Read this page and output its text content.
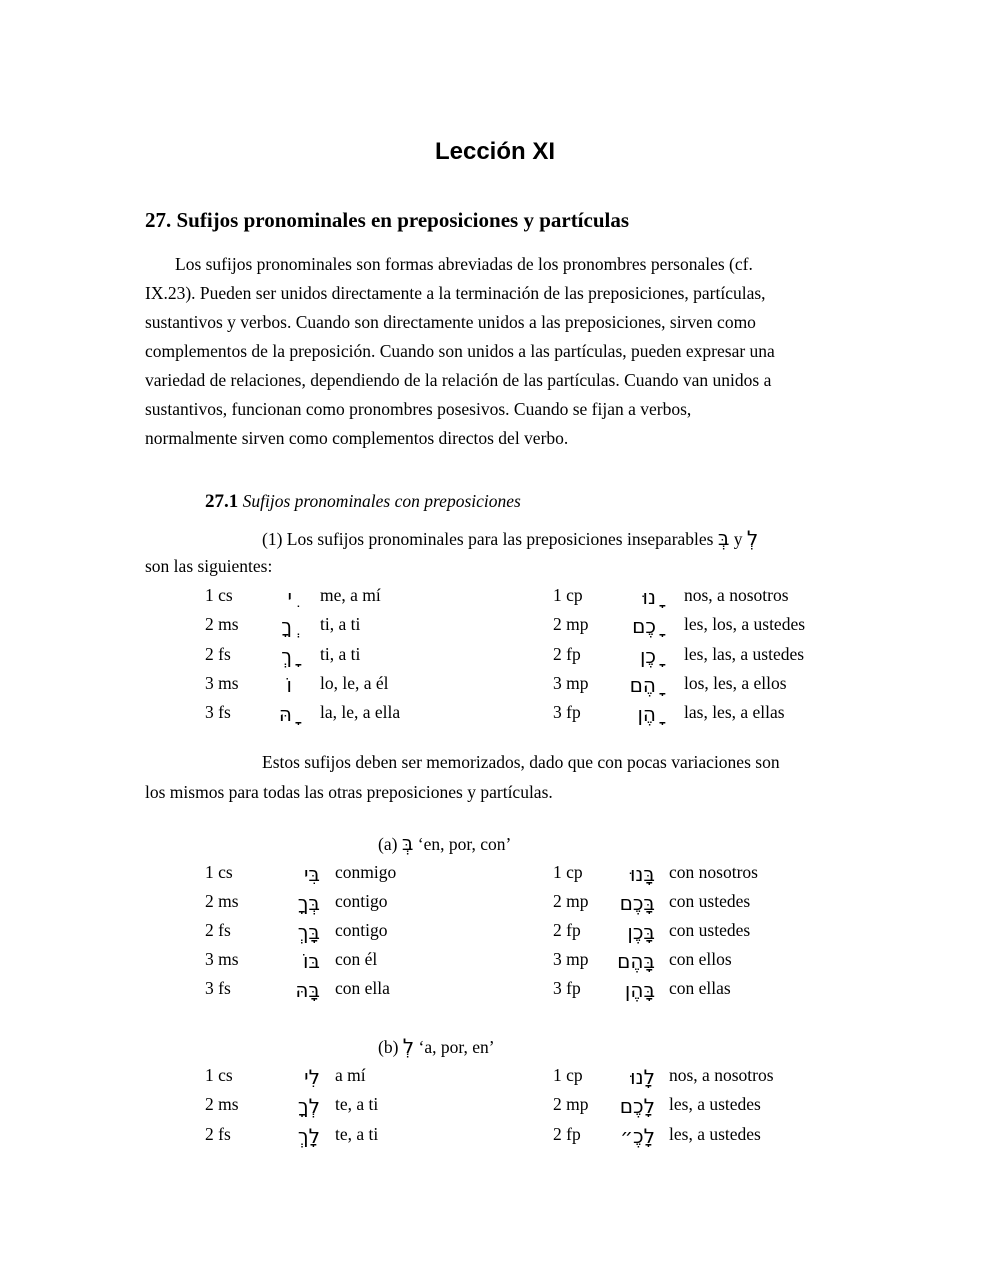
Lección XI
27. Sufijos pronominales en preposiciones y partículas
Los sufijos pronominales son formas abreviadas de los pronombres personales (cf.
IX.23). Pueden ser unidos directamente a la terminación de las preposiciones, partículas,
sustantivos y verbos. Cuando son directamente unidos a las preposiciones, sirven como
complementos de la preposición. Cuando son unidos a las partículas, pueden expresar una
variedad de relaciones, dependiendo de la relación de las partículas. Cuando van unidos a
sustantivos, funcionan como pronombres posesivos. Cuando se fijan a verbos,
normalmente sirven como complementos directos del verbo.
27.1 Sufijos pronominales con preposiciones
(1) Los sufijos pronominales para las preposiciones inseparables בְּ y לְ
son las siguientes:
1 cs	ִי me, a mí	1 cp	ָנוּ nos, a nosotros
2 ms	ְךָ ti, a ti	2 mp	ָכֶם les, los, a ustedes
2 fs	ָךְ ti, a ti	2 fp	ָכֶן les, las, a ustedes
3 ms	וֹ lo, le, a él	3 mp	ָהֶם los, les, a ellos
3 fs	ָהּ la, le, a ella	3 fp	ָהֶן las, les, a ellas
Estos sufijos deben ser memorizados, dado que con pocas variaciones son
los mismos para todas las otras preposiciones y partículas.
(a) בְּ ‘en, por, con’
1 cs	בִּי conmigo	1 cp	בָּנוּ con nosotros
2 ms	בְּךָ contigo	2 mp	בָּכֶם con ustedes
2 fs	בָּךְ contigo	2 fp	בָּכֶן con ustedes
3 ms	בּוֹ con él	3 mp	בָּהֶם con ellos
3 fs	בָּהּ con ella	3 fp	בָּהֶן con ellas
(b) לְ ‘a, por, en’
1 cs	לִי a mí	1 cp	לָנוּ nos, a nosotros
2 ms	לְךָ te, a ti	2 mp	לָכֶם les, a ustedes
2 fs	לָךְ te, a ti	2 fp	לָכֶ״ les, a ustedes
